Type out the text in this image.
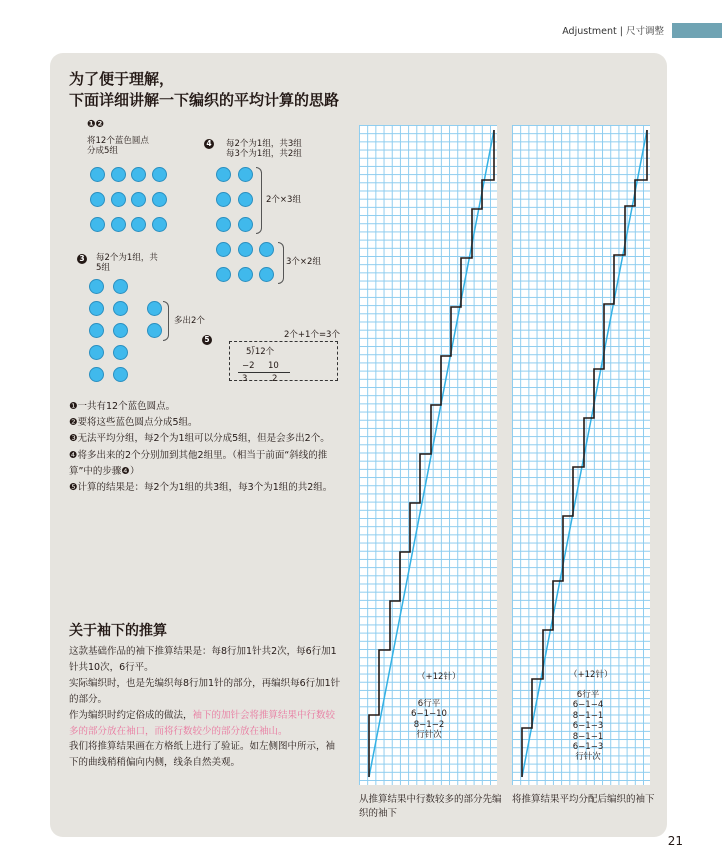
Adjustment | 尺寸调整
为了便于理解，
下面详细讲解一下编织的平均计算的思路
❶❷
将12个蓝色圆点
分成5组
3 每2个为1组，共
5组
多出2个
4 每2个为1组，共3组
每3个为1组，共2组
2个×3组
3个×2组
5	2个+1个=3个
5⟌12个
−2 10
3	2
❶一共有12个蓝色圆点。
❷要将这些蓝色圆点分成5组。
❸无法平均分组，每2个为1组可以分成5组，但是会多出2个。
❹将多出来的2个分别加到其他2组里。（相当于前面“斜线的推算”中的步骤❹）
❺计算的结果是：每2个为1组的共3组，每3个为1组的共2组。
关于袖下的推算
这款基础作品的袖下推算结果是：每8行加1针共2次，每6行加1针共10次，6行平。
实际编织时，也是先编织每8行加1针的部分，再编织每6行加1针的部分。
作为编织时约定俗成的做法，袖下的加针会将推算结果中行数较多的部分放在袖口，而将行数较少的部分放在袖山。
我们将推算结果画在方格纸上进行了验证。如左侧图中所示，袖下的曲线稍稍偏向内侧，线条自然美观。
（+12针）
6行平
6−1−10
8−1−2
行针次
从推算结果中行数较多的部分先编织的袖下
（+12针）
6行平
6−1−4
8−1−1
6−1−3
8−1−1
6−1−3
行针次
将推算结果平均分配后编织的袖下
21
